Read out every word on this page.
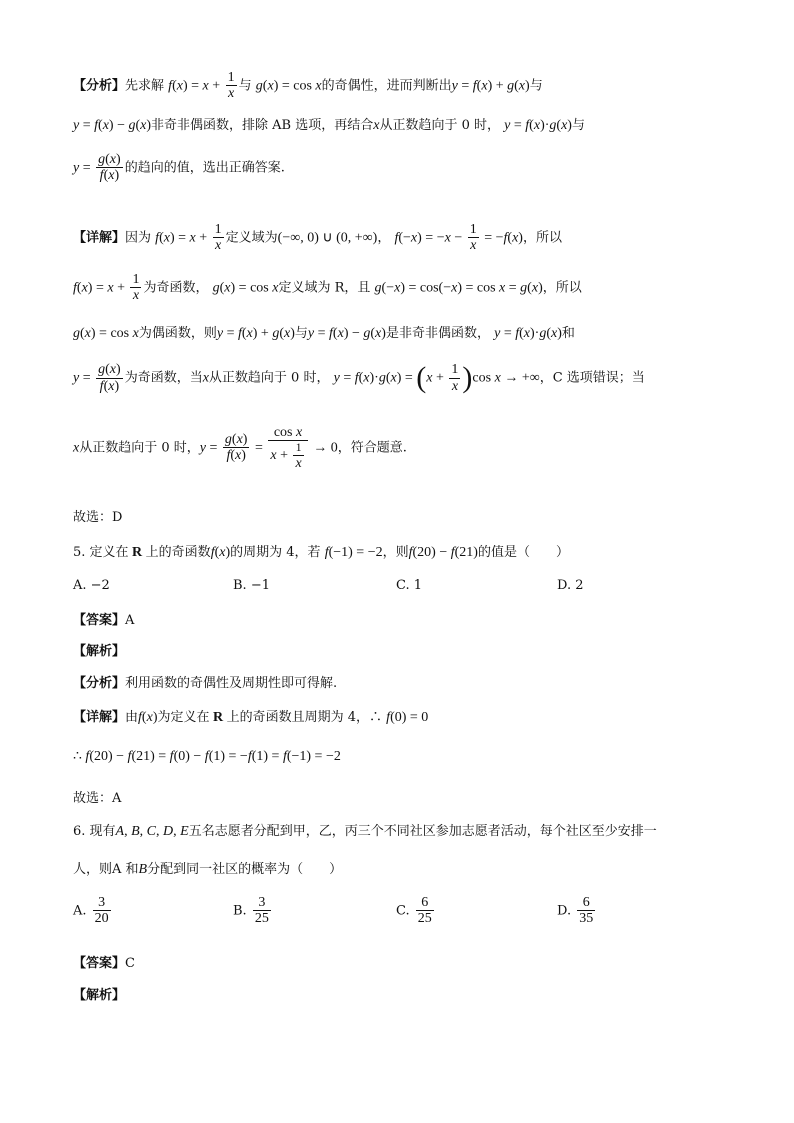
【分析】先求解 $f(x) = x + \frac{1}{x}$ 与 g(x) = cos x的奇偶性，进而判断出y = f(x) + g(x)与
y = f(x) − g(x)非奇非偶函数，排除 AB 选项，再结合x从正数趋向于 0 时， y = f(x)·g(x)与
$y = \frac{g(x)}{f(x)}$ 的趋向的值，选出正确答案.
【详解】因为 $f(x) = x + \frac{1}{x}$ 定义域为(−∞, 0) ∪ (0, +∞)， $f(-x) = -x - \frac{1}{x} = -f(x)$，所以
$f(x) = x + \frac{1}{x}$ 为奇函数， g(x) = cos x定义域为 R，且 g(−x) = cos(−x) = cos x = g(x)，所以
g(x) = cos x为偶函数，则y = f(x) + g(x)与y = f(x) − g(x)是非奇非偶函数， y = f(x)·g(x)和
$y = \frac{g(x)}{f(x)}$ 为奇函数，当x从正数趋向于 0 时， $y = f(x)\cdot g(x) = (x + \frac{1}{x} )\cos$ x → +∞，C 选项错误；当
x从正数趋向于 0 时，$y = \frac{g(x)}{f(x)} = \frac{\text{cos x}}{x + \frac{1}{x}} \to 0$，符合题意.
故选：D
5. 定义在 R 上的奇函数f(x)的周期为 4，若 f(−1) = −2，则f(20) − f(21)的值是（　　）
A. −2	B. −1	C. 1	D. 2
【答案】A
【解析】
【分析】利用函数的奇偶性及周期性即可得解.
【详解】由f(x)为定义在 R 上的奇函数且周期为 4，∴ f(0) = 0
∴ f(20) − f(21) = f(0) − f(1) = −f(1) = f(−1) = −2
故选：A
6. 现有A, B, C, D, E五名志愿者分配到甲，乙，丙三个不同社区参加志愿者活动，每个社区至少安排一
人，则A 和B分配到同一社区的概率为（　　）
A. $\frac{3}{20}$	B. $\frac{3}{25}$	C. $\frac{6}{25}$	D. $\frac{6}{35}$
【答案】C
【解析】
